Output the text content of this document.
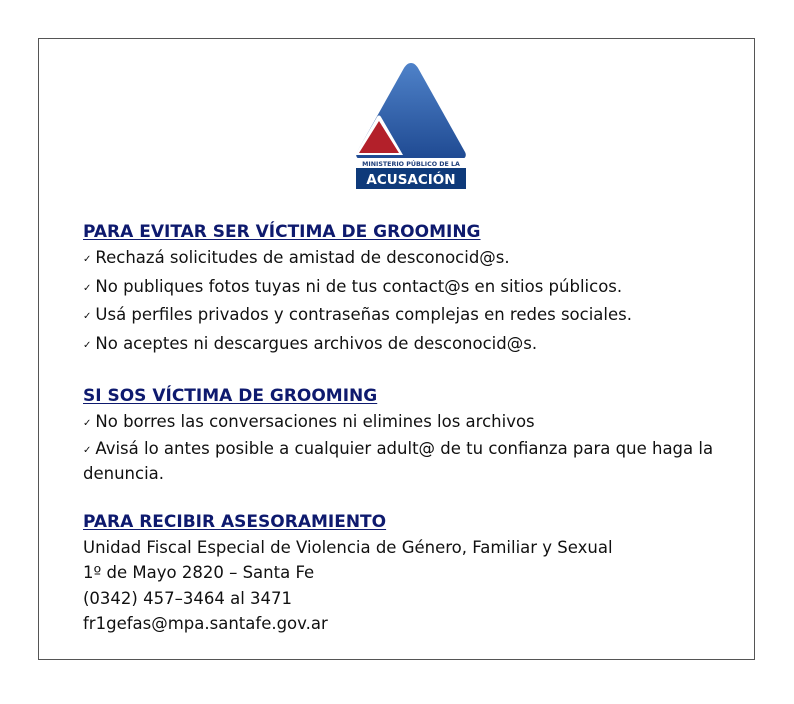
MINISTERIO PÚBLICO DE LA
ACUSACIÓN

PARA EVITAR SER VÍCTIMA DE GROOMING

✓ Rechazá solicitudes de amistad de desconocid@s.

✓ No publiques fotos tuyas ni de tus contact@s en sitios públicos.

✓ Usá perfiles privados y contraseñas complejas en redes sociales.

✓ No aceptes ni descargues archivos de desconocid@s.

SI SOS VÍCTIMA DE GROOMING

✓ No borres las conversaciones ni elimines los archivos

✓ Avisá lo antes posible a cualquier adult@ de tu confianza para que haga la denuncia.

PARA RECIBIR ASESORAMIENTO

Unidad Fiscal Especial de Violencia de Género, Familiar y Sexual

1º de Mayo 2820 – Santa Fe

(0342) 457–3464 al 3471

fr1gefas@mpa.santafe.gov.ar
